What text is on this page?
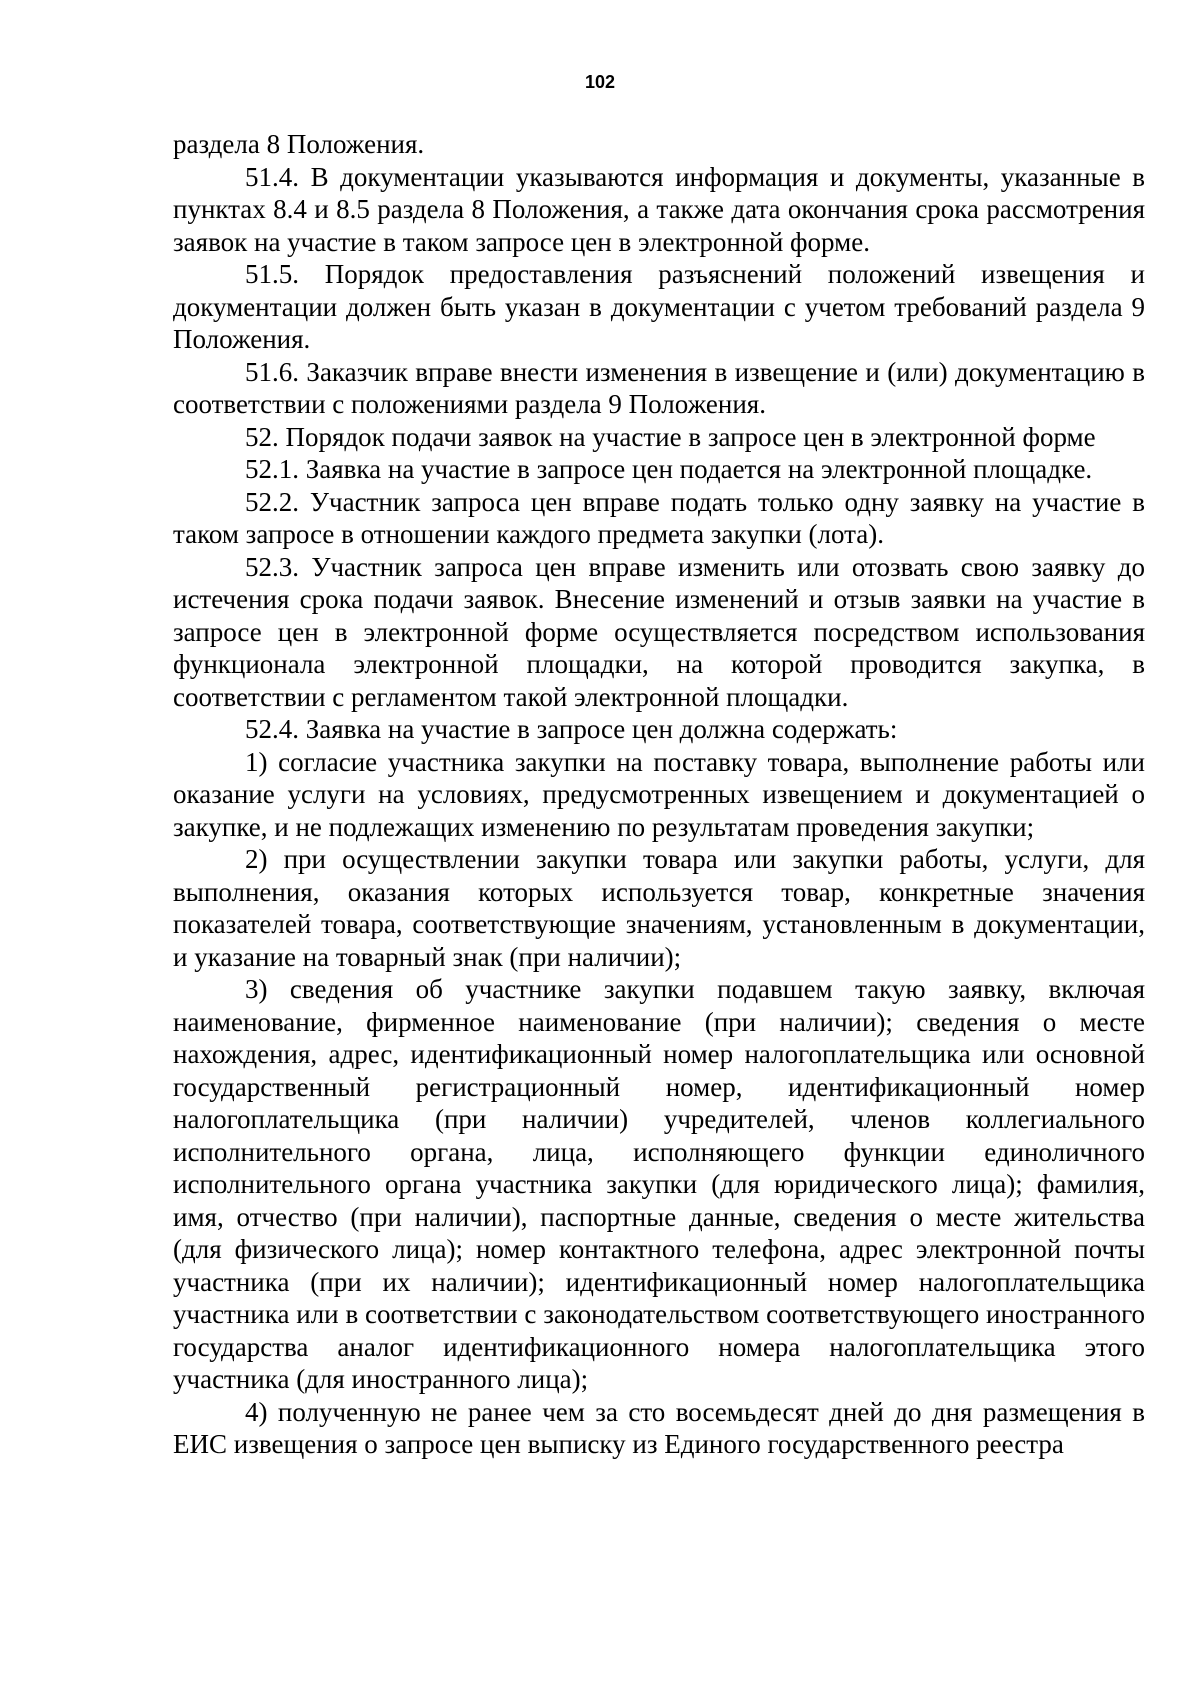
102

раздела 8 Положения.

51.4. В документации указываются информация и документы, указанные в пунктах 8.4 и 8.5 раздела 8 Положения, а также дата окончания срока рассмотрения заявок на участие в таком запросе цен в электронной форме.

51.5. Порядок предоставления разъяснений положений извещения и документации должен быть указан в документации с учетом требований раздела 9 Положения.

51.6. Заказчик вправе внести изменения в извещение и (или) документацию в соответствии с положениями раздела 9 Положения.

52. Порядок подачи заявок на участие в запросе цен в электронной форме

52.1. Заявка на участие в запросе цен подается на электронной площадке.

52.2. Участник запроса цен вправе подать только одну заявку на участие в таком запросе в отношении каждого предмета закупки (лота).

52.3. Участник запроса цен вправе изменить или отозвать свою заявку до истечения срока подачи заявок. Внесение изменений и отзыв заявки на участие в запросе цен в электронной форме осуществляется посредством использования функционала электронной площадки, на которой проводится закупка, в соответствии с регламентом такой электронной площадки.

52.4. Заявка на участие в запросе цен должна содержать:

1) согласие участника закупки на поставку товара, выполнение работы или оказание услуги на условиях, предусмотренных извещением и документацией о закупке, и не подлежащих изменению по результатам проведения закупки;

2) при осуществлении закупки товара или закупки работы, услуги, для выполнения, оказания которых используется товар, конкретные значения показателей товара, соответствующие значениям, установленным в документации, и указание на товарный знак (при наличии);

3) сведения об участнике закупки подавшем такую заявку, включая наименование, фирменное наименование (при наличии); сведения о месте нахождения, адрес, идентификационный номер налогоплательщика или основной государственный регистрационный номер, идентификационный номер налогоплательщика (при наличии) учредителей, членов коллегиального исполнительного органа, лица, исполняющего функции единоличного исполнительного органа участника закупки (для юридического лица); фамилия, имя, отчество (при наличии), паспортные данные, сведения о месте жительства (для физического лица); номер контактного телефона, адрес электронной почты участника (при их наличии); идентификационный номер налогоплательщика участника или в соответствии с законодательством соответствующего иностранного государства аналог идентификационного номера налогоплательщика этого участника (для иностранного лица);

4) полученную не ранее чем за сто восемьдесят дней до дня размещения в ЕИС извещения о запросе цен выписку из Единого государственного реестра
